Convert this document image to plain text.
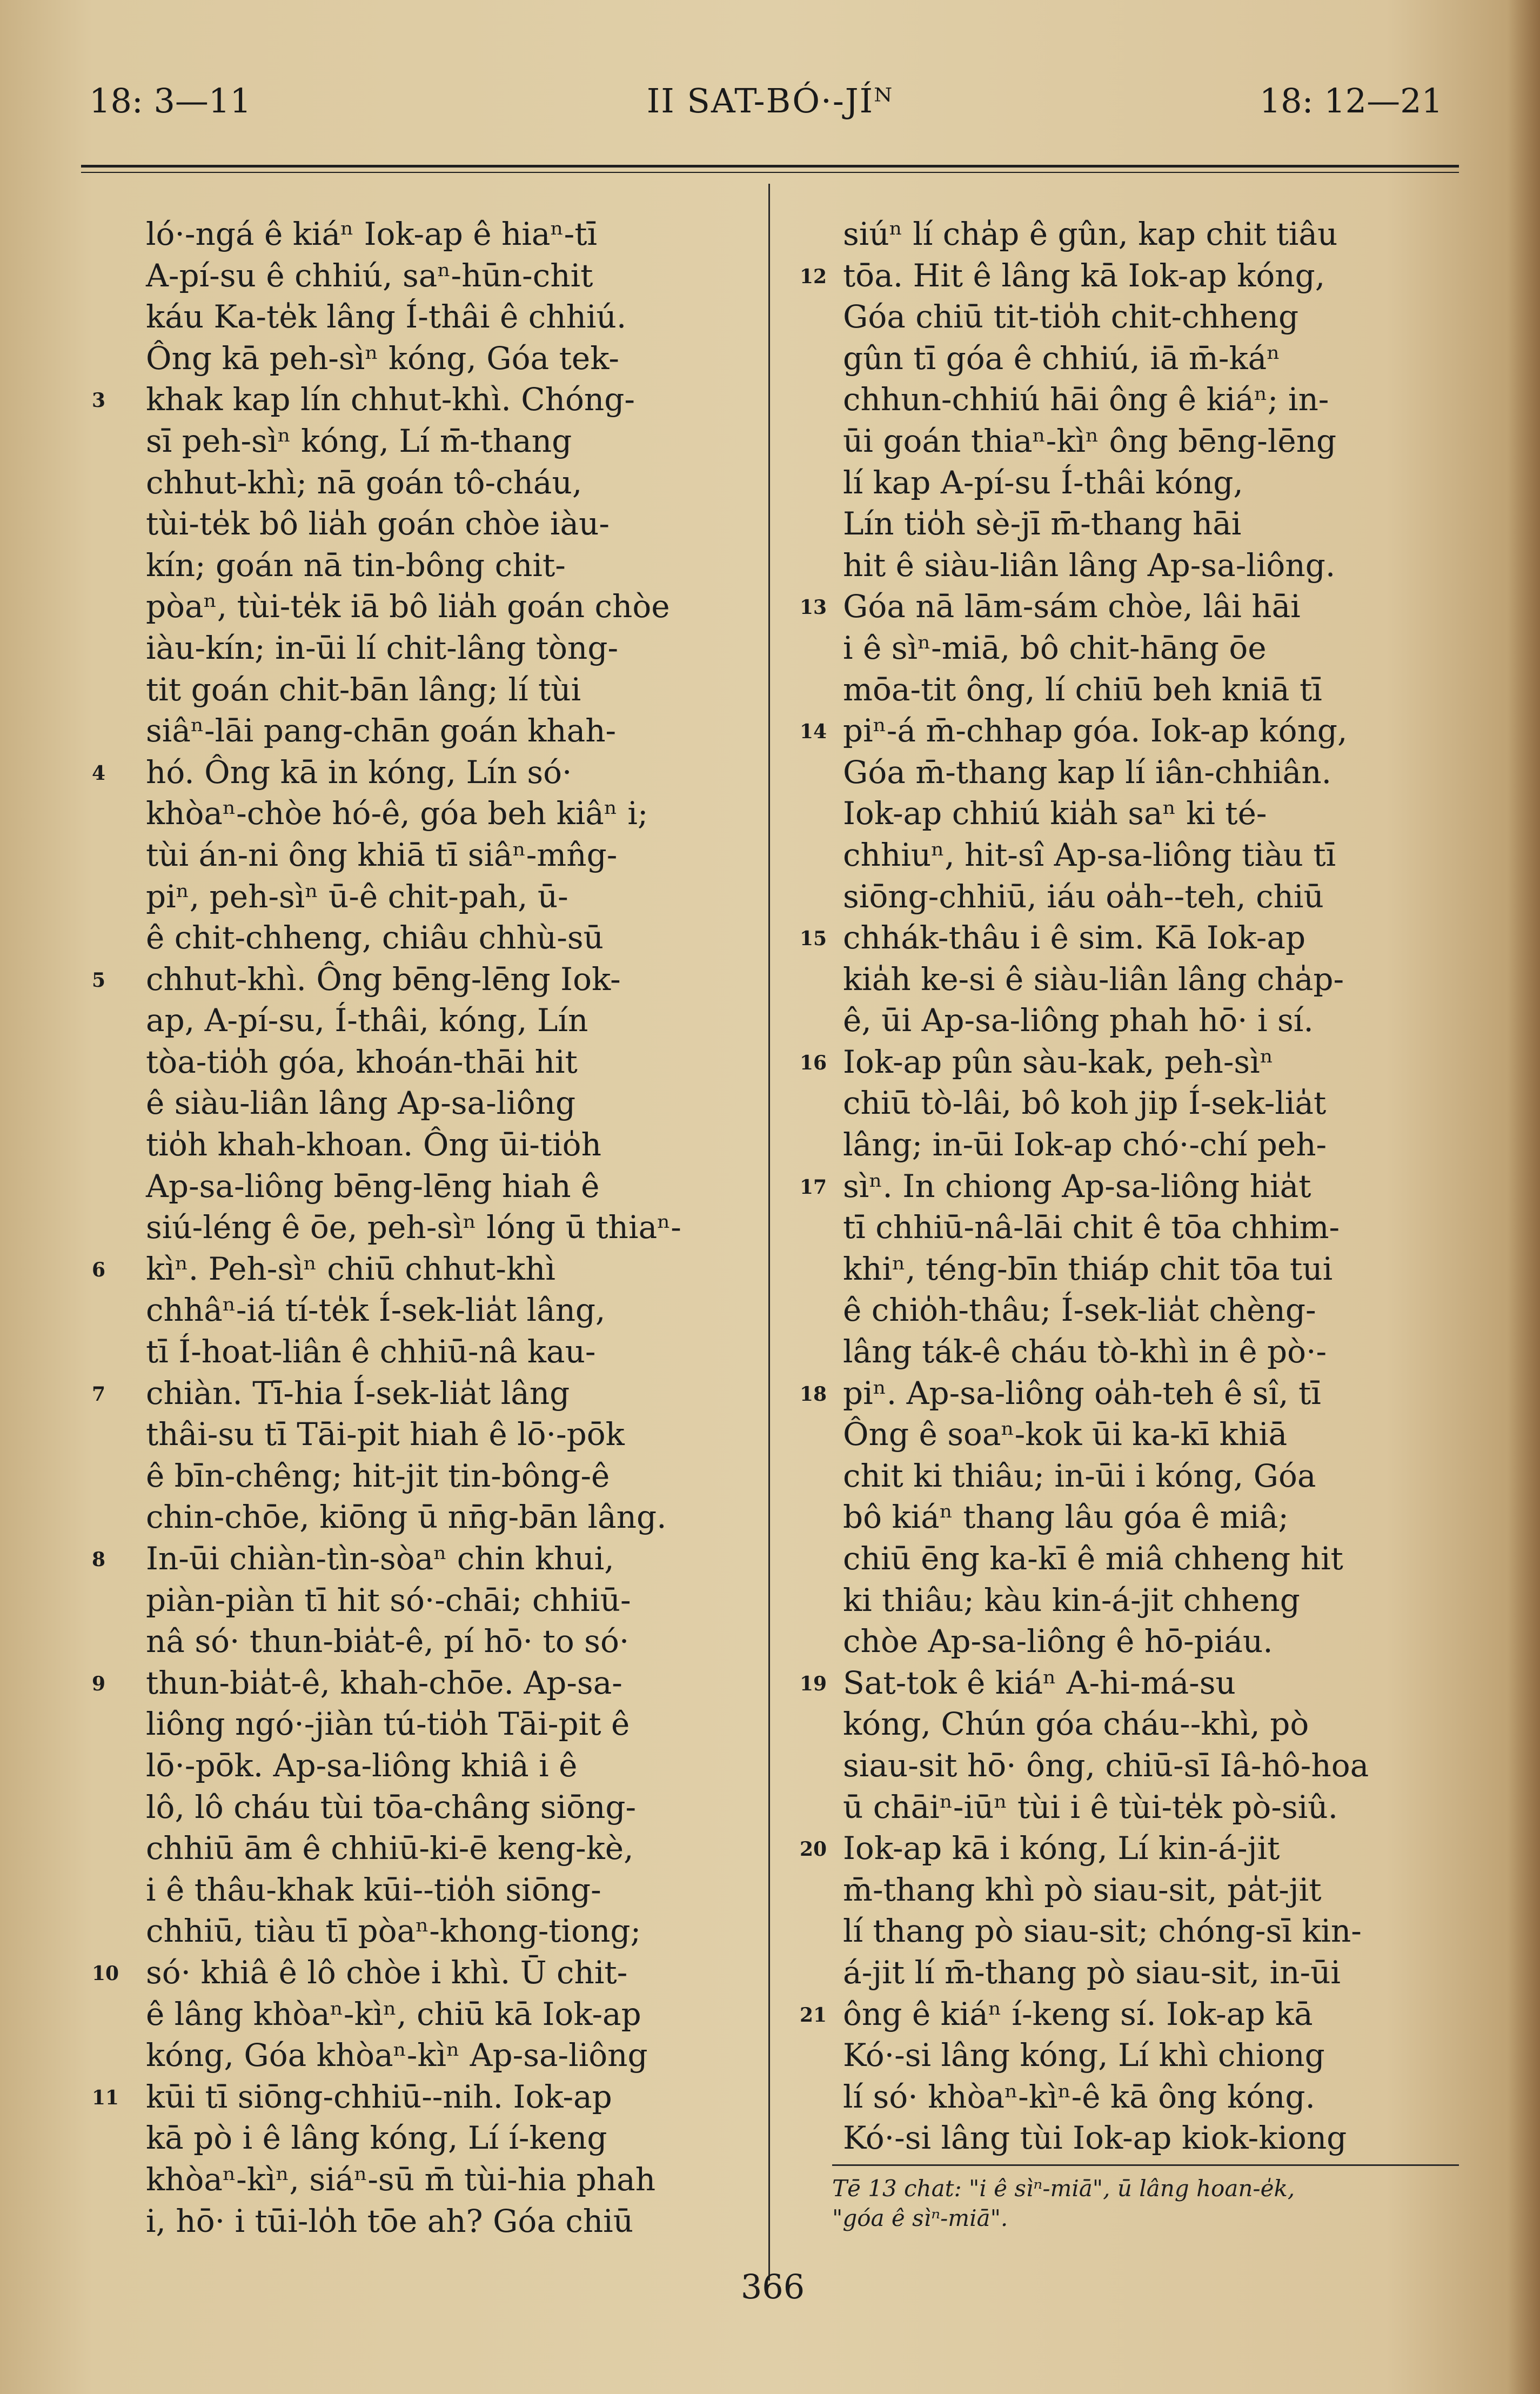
18: 3—11	II SAT-BÓ·-JÍᴺ	18: 12—21
ló·-ngá ê kiáⁿ Iok-ap ê hiaⁿ-tī
A-pí-su ê chhiú, saⁿ-hūn-chit
káu Ka-te̍k lâng Í-thâi ê chhiú.
Ông kā peh-sìⁿ kóng, Góa tek-
3 khak kap lín chhut-khì. Chóng-
sī peh-sìⁿ kóng, Lí m̄-thang
chhut-khì; nā goán tô-cháu,
tùi-te̍k bô lia̍h goán chòe iàu-
kín; goán nā tin-bông chit-
pòaⁿ, tùi-te̍k iā bô lia̍h goán chòe
iàu-kín; in-ūi lí chit-lâng tòng-
tit goán chit-bān lâng; lí tùi
siâⁿ-lāi pang-chān goán khah-
4 hó. Ông kā in kóng, Lín só·
khòaⁿ-chòe hó-ê, góa beh kiâⁿ i;
tùi án-ni ông khiā tī siâⁿ-mn̂g-
piⁿ, peh-sìⁿ ū-ê chit-pah, ū-
ê chit-chheng, chiâu chhù-sū
5 chhut-khì. Ông bēng-lēng Iok-
ap, A-pí-su, Í-thâi, kóng, Lín
tòa-tio̍h góa, khoán-thāi hit
ê siàu-liân lâng Ap-sa-liông
tio̍h khah-khoan. Ông ūi-tio̍h
Ap-sa-liông bēng-lēng hiah ê
siú-léng ê ōe, peh-sìⁿ lóng ū thiaⁿ-
6 kìⁿ. Peh-sìⁿ chiū chhut-khì
chhâⁿ-iá tí-te̍k Í-sek-lia̍t lâng,
tī Í-hoat-liân ê chhiū-nâ kau-
7 chiàn. Tī-hia Í-sek-lia̍t lâng
thâi-su tī Tāi-pit hiah ê lō·-pōk
ê bīn-chêng; hit-jit tin-bông-ê
chin-chōe, kiōng ū nn̄g-bān lâng.
8 In-ūi chiàn-tìn-sòaⁿ chin khui,
piàn-piàn tī hit só·-chāi; chhiū-
nâ só· thun-bia̍t-ê, pí hō· to só·
9 thun-bia̍t-ê, khah-chōe. Ap-sa-
liông ngó·-jiàn tú-tio̍h Tāi-pit ê
lō·-pōk. Ap-sa-liông khiâ i ê
lô, lô cháu tùi tōa-châng siōng-
chhiū ām ê chhiū-ki-ē keng-kè,
i ê thâu-khak kūi--tio̍h siōng-
chhiū, tiàu tī pòaⁿ-khong-tiong;
10 só· khiâ ê lô chòe i khì. Ū chit-
ê lâng khòaⁿ-kìⁿ, chiū kā Iok-ap
kóng, Góa khòaⁿ-kìⁿ Ap-sa-liông
11 kūi tī siōng-chhiū--nih. Iok-ap
kā pò i ê lâng kóng, Lí í-keng
khòaⁿ-kìⁿ, siáⁿ-sū m̄ tùi-hia phah
i, hō· i tūi-lo̍h tōe ah? Góa chiū
siúⁿ lí cha̍p ê gûn, kap chit tiâu
12 tōa. Hit ê lâng kā Iok-ap kóng,
Góa chiū tit-tio̍h chit-chheng
gûn tī góa ê chhiú, iā m̄-káⁿ
chhun-chhiú hāi ông ê kiáⁿ; in-
ūi goán thiaⁿ-kìⁿ ông bēng-lēng
lí kap A-pí-su Í-thâi kóng,
Lín tio̍h sè-jī m̄-thang hāi
hit ê siàu-liân lâng Ap-sa-liông.
13 Góa nā lām-sám chòe, lâi hāi
i ê sìⁿ-miā, bô chit-hāng ōe
mōa-tit ông, lí chiū beh kniā tī
14 piⁿ-á m̄-chhap góa. Iok-ap kóng,
Góa m̄-thang kap lí iân-chhiân.
Iok-ap chhiú kia̍h saⁿ ki té-
chhiuⁿ, hit-sî Ap-sa-liông tiàu tī
siōng-chhiū, iáu oa̍h--teh, chiū
15 chhák-thâu i ê sim. Kā Iok-ap
kia̍h ke-si ê siàu-liân lâng cha̍p-
ê, ūi Ap-sa-liông phah hō· i sí.
16 Iok-ap pûn sàu-kak, peh-sìⁿ
chiū tò-lâi, bô koh jip Í-sek-lia̍t
lâng; in-ūi Iok-ap chó·-chí peh-
17 sìⁿ. In chiong Ap-sa-liông hia̍t
tī chhiū-nâ-lāi chit ê tōa chhim-
khiⁿ, téng-bīn thiáp chit tōa tui
ê chio̍h-thâu; Í-sek-lia̍t chèng-
lâng ták-ê cháu tò-khì in ê pò·-
18 piⁿ. Ap-sa-liông oa̍h-teh ê sî, tī
Ông ê soaⁿ-kok ūi ka-kī khiā
chit ki thiâu; in-ūi i kóng, Góa
bô kiáⁿ thang lâu góa ê miâ;
chiū ēng ka-kī ê miâ chheng hit
ki thiâu; kàu kin-á-jit chheng
chòe Ap-sa-liông ê hō-piáu.
19 Sat-tok ê kiáⁿ A-hi-má-su
kóng, Chún góa cháu--khì, pò
siau-sit hō· ông, chiū-sī Iâ-hô-hoa
ū chāiⁿ-iūⁿ tùi i ê tùi-te̍k pò-siû.
20 Iok-ap kā i kóng, Lí kin-á-jit
m̄-thang khì pò siau-sit, pa̍t-jit
lí thang pò siau-sit; chóng-sī kin-
á-jit lí m̄-thang pò siau-sit, in-ūi
21 ông ê kiáⁿ í-keng sí. Iok-ap kā
Kó·-si lâng kóng, Lí khì chiong
lí só· khòaⁿ-kìⁿ-ê kā ông kóng.
Kó·-si lâng tùi Iok-ap kiok-kiong
Tē 13 chat: "i ê sìⁿ-miā", ū lâng hoan-e̍k,
"góa ê sìⁿ-miā".
366
